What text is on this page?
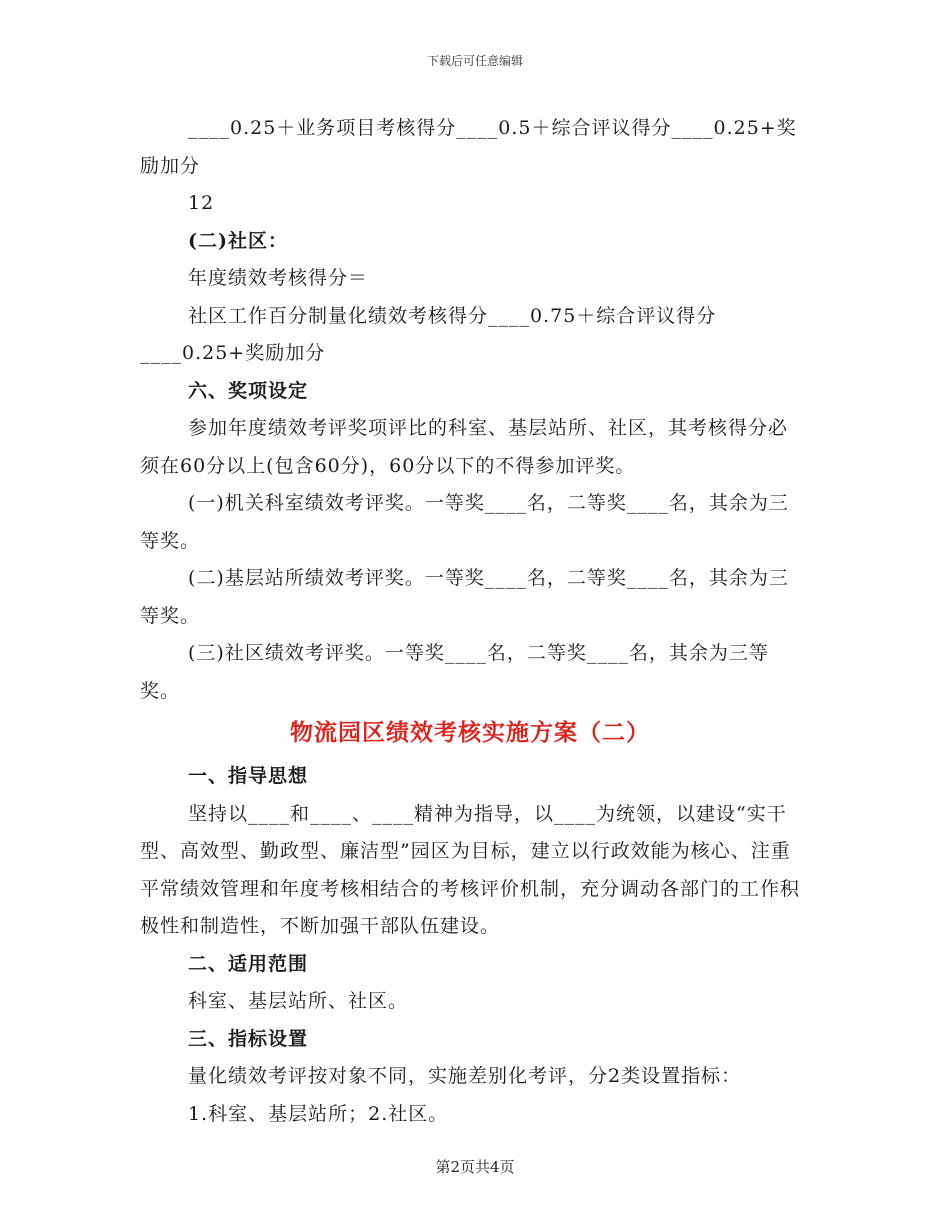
下载后可任意编辑

____0.25＋业务项目考核得分____0.5＋综合评议得分____0.25+奖励加分

12

(二)社区：

年度绩效考核得分＝

社区工作百分制量化绩效考核得分____0.75＋综合评议得分____0.25+奖励加分

六、奖项设定

参加年度绩效考评奖项评比的科室、基层站所、社区，其考核得分必须在60分以上(包含60分)，60分以下的不得参加评奖。

(一)机关科室绩效考评奖。一等奖____名，二等奖____名，其余为三等奖。

(二)基层站所绩效考评奖。一等奖____名，二等奖____名，其余为三等奖。

(三)社区绩效考评奖。一等奖____名，二等奖____名，其余为三等奖。

物流园区绩效考核实施方案（二）

一、指导思想

坚持以____和____、____精神为指导，以____为统领，以建设“实干型、高效型、勤政型、廉洁型”园区为目标，建立以行政效能为核心、注重平常绩效管理和年度考核相结合的考核评价机制，充分调动各部门的工作积极性和制造性，不断加强干部队伍建设。

二、适用范围

科室、基层站所、社区。

三、指标设置

量化绩效考评按对象不同，实施差别化考评，分2类设置指标：

1.科室、基层站所；2.社区。

第2页共4页
